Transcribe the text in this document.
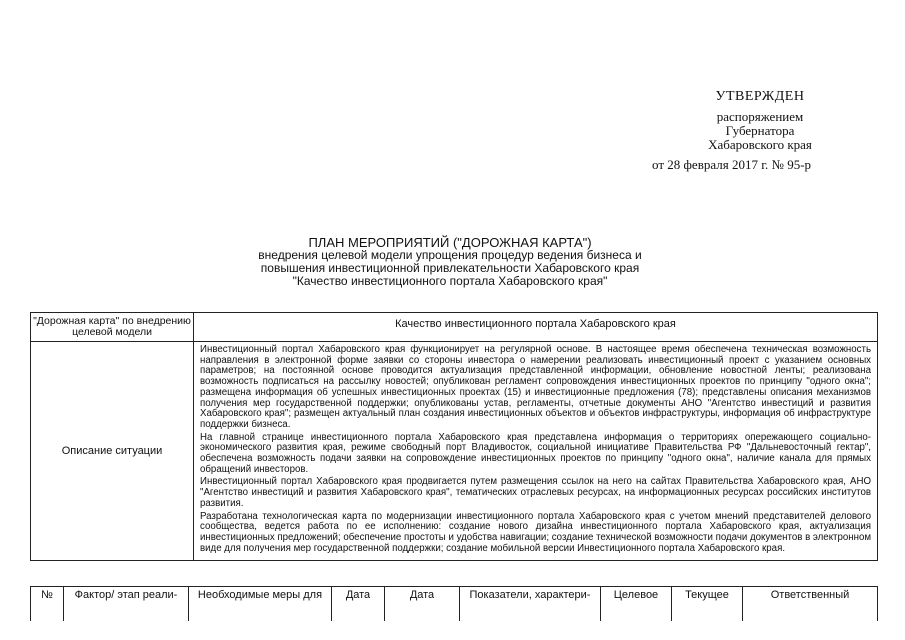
УТВЕРЖДЕН
распоряжением
Губернатора
Хабаровского края
от 28 февраля 2017 г. № 95-р
ПЛАН МЕРОПРИЯТИЙ ("ДОРОЖНАЯ КАРТА")
внедрения целевой модели упрощения процедур ведения бизнеса и
повышения инвестиционной привлекательности Хабаровского края
"Качество инвестиционного портала Хабаровского края"
"Дорожная карта" по внедрению целевой модели	Качество инвестиционного портала Хабаровского края
Описание ситуации	Инвестиционный портал Хабаровского края функционирует на регулярной основе. В настоящее время обеспечена техническая возможность направления в электронной форме заявки со стороны инвестора о намерении реализовать инвестиционный проект с указанием основных параметров; на постоянной основе проводится актуализация представленной информации, обновление новостной ленты; реализована возможность подписаться на рассылку новостей; опубликован регламент сопровождения инвестиционных проектов по принципу "одного окна"; размещена информация об успешных инвестиционных проектах (15) и инвестиционные предложения (78); представлены описания механизмов получения мер государственной поддержки; опубликованы устав, регламенты, отчетные документы АНО "Агентство инвестиций и развития Хабаровского края"; размещен актуальный план создания инвестиционных объектов и объектов инфраструктуры, информация об инфраструктуре поддержки бизнеса.

На главной странице инвестиционного портала Хабаровского края представлена информация о территориях опережающего социально-экономического развития края, режиме свободный порт Владивосток, социальной инициативе Правительства РФ "Дальневосточный гектар", обеспечена возможность подачи заявки на сопровождение инвестиционных проектов по принципу "одного окна", наличие канала для прямых обращений инвесторов.

Инвестиционный портал Хабаровского края продвигается путем размещения ссылок на него на сайтах Правительства Хабаровского края, АНО "Агентство инвестиций и развития Хабаровского края", тематических отраслевых ресурсах, на информационных ресурсах российских институтов развития.

Разработана технологическая карта по модернизации инвестиционного портала Хабаровского края с учетом мнений представителей делового сообщества, ведется работа по ее исполнению: создание нового дизайна инвестиционного портала Хабаровского края, актуализация инвестиционных предложений; обеспечение простоты и удобства навигации; создание технической возможности подачи документов в электронном виде для получения мер государственной поддержки; создание мобильной версии Инвестиционного портала Хабаровского края.

№	Фактор/ этап реали-	Необходимые меры для	Дата	Дата	Показатели, характери-	Целевое	Текущее	Ответственный
